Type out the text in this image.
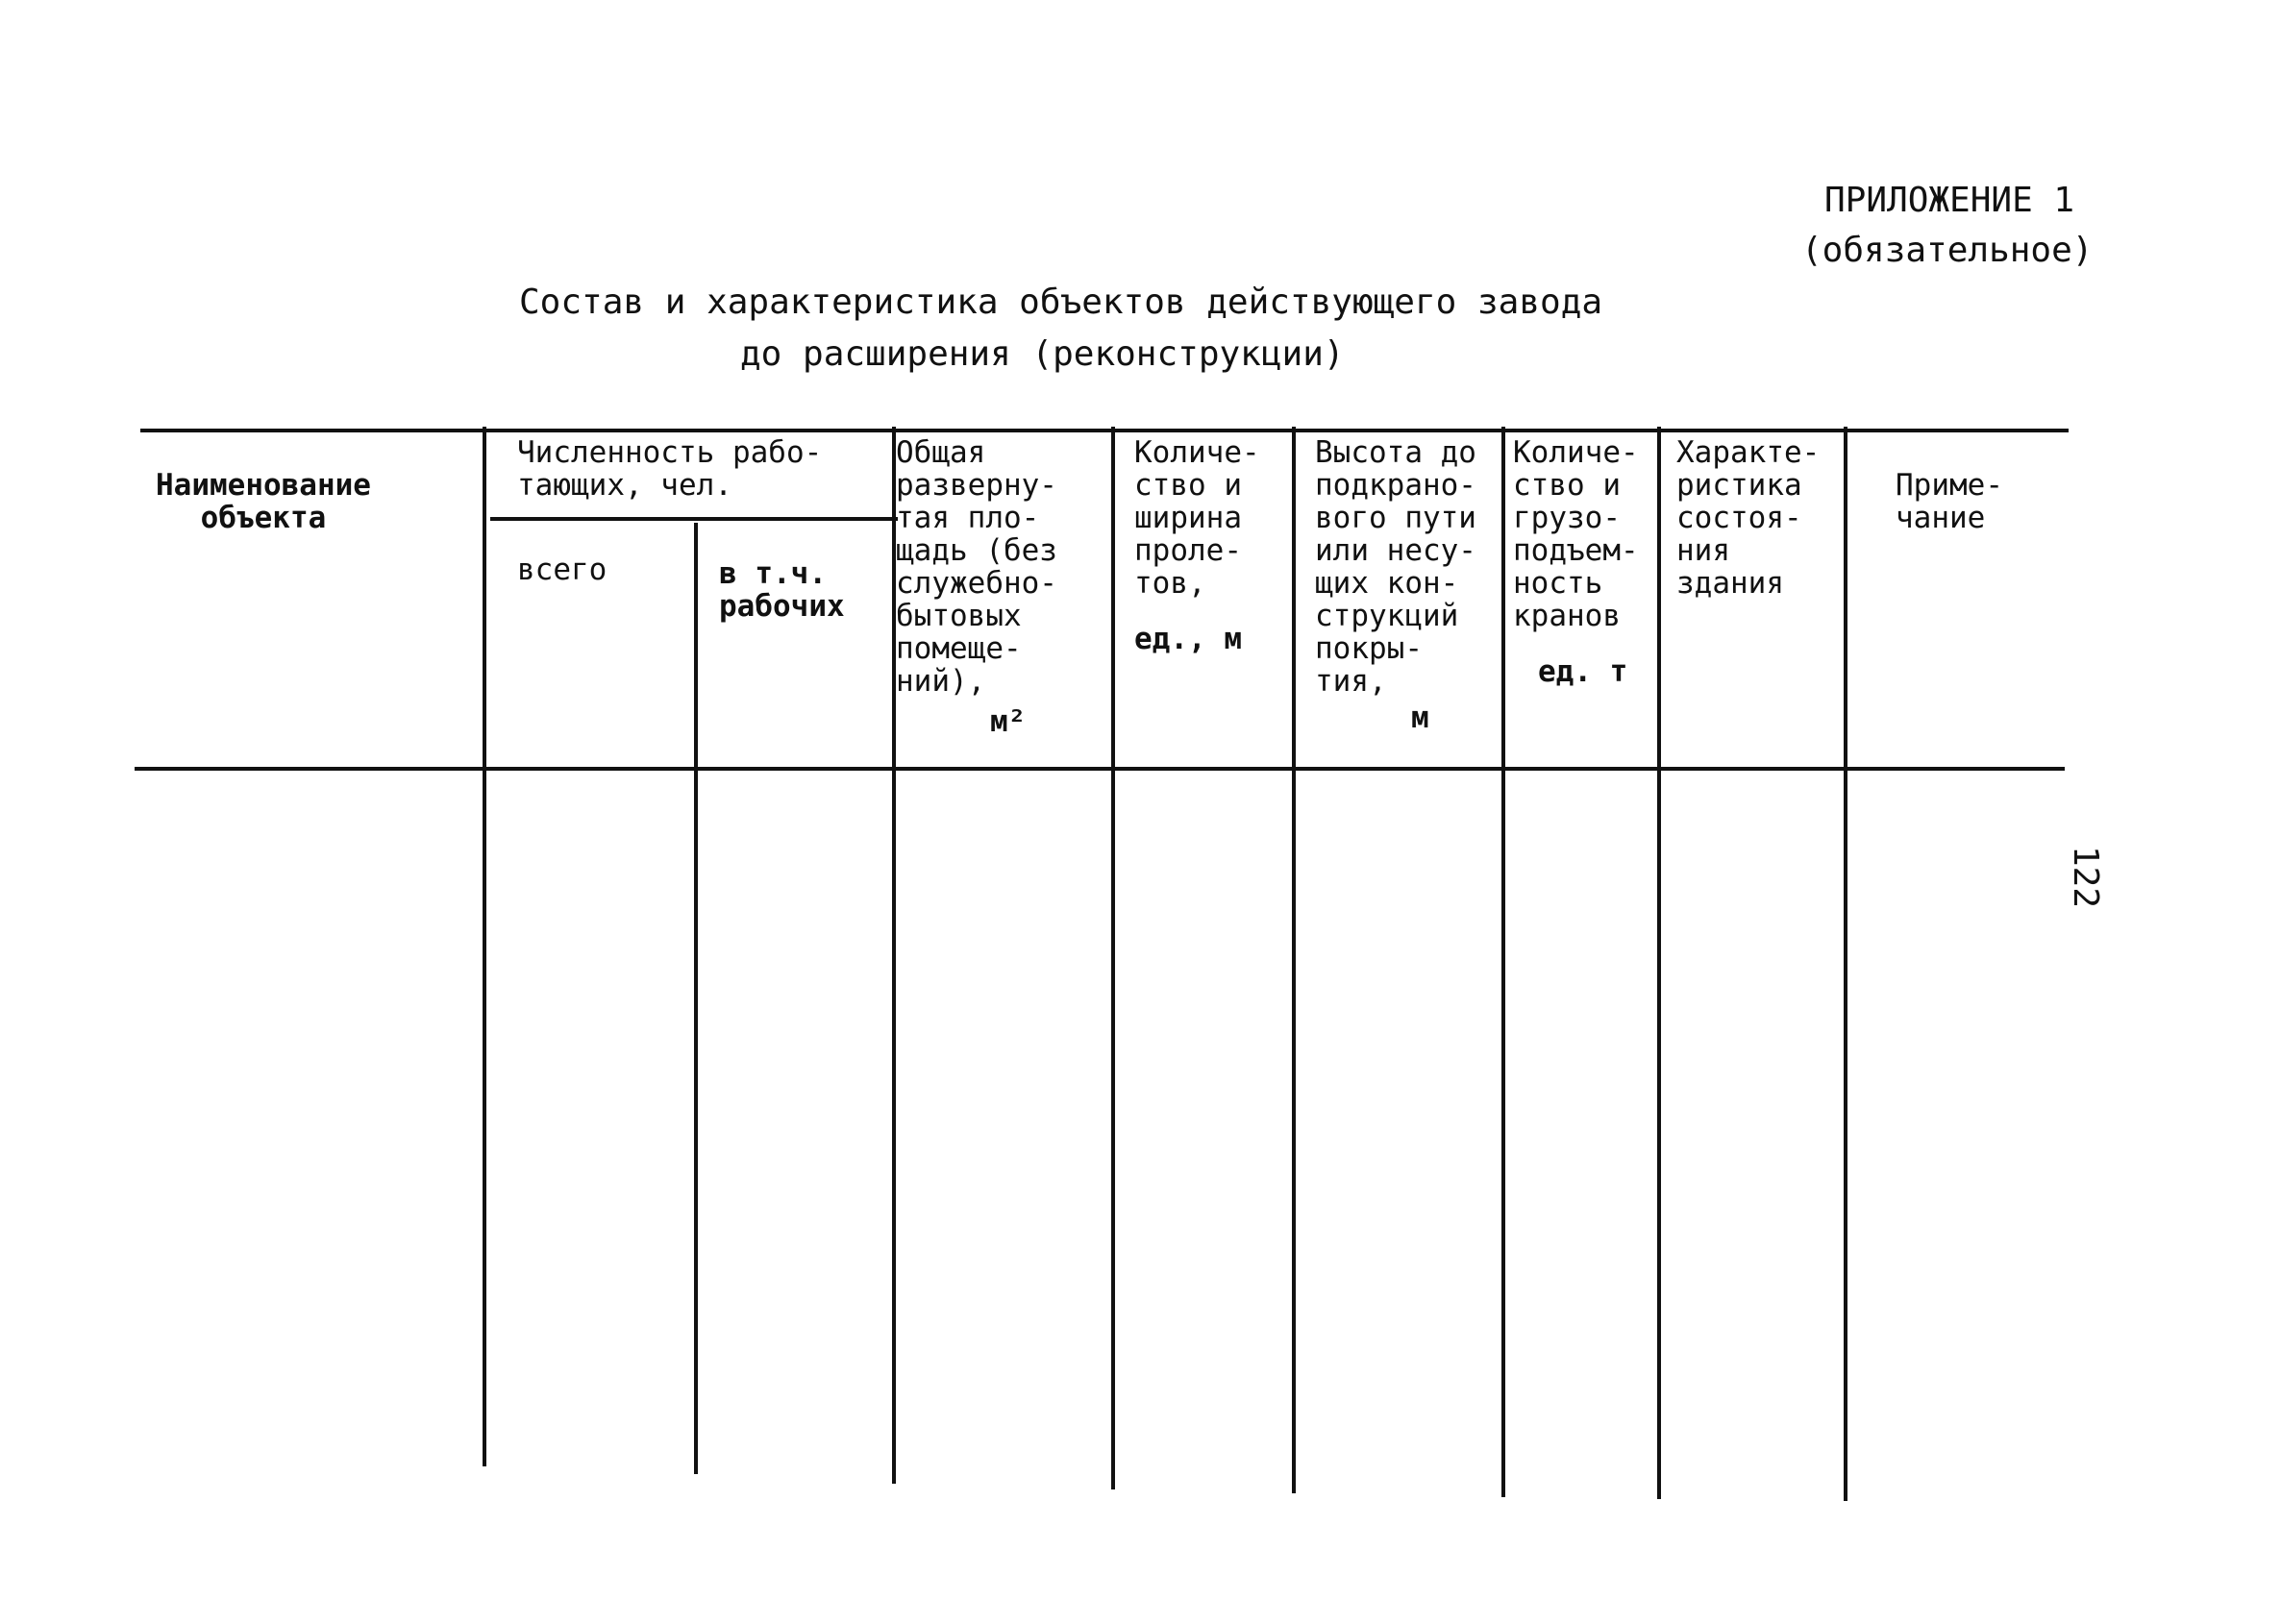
ПРИЛОЖЕНИЕ 1
(обязательное)
Состав и характеристика объектов действующего завода
до расширения (реконструкции)
122
Наименование
объекта
Численность рабо-
тающих, чел.
всего	в т.ч.
рабочих
Общая
разверну-
тая пло-
щадь (без
служебно-
бытовых
помеще-
ний),
м²
Количе-
ство и
ширина
проле-
тов,
ед., м
Высота до
подкрано-
вого пути
или несу-
щих кон-
струкций
покры-
тия,
м
Количе-
ство и
грузо-
подъем-
ность
кранов
ед. т
Характе-
ристика
состоя-
ния
здания
Приме-
чание
